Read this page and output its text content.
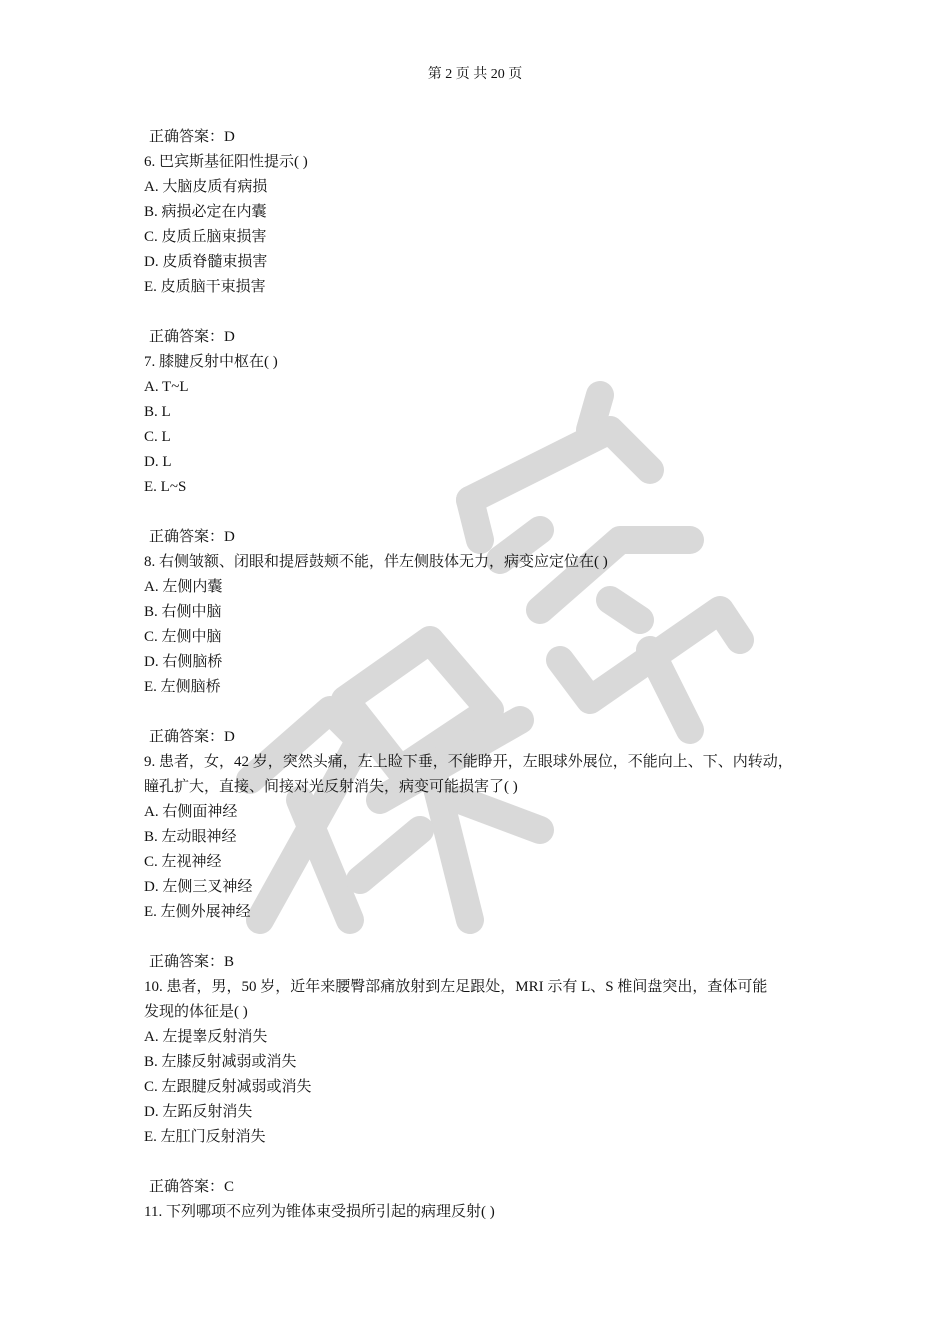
第 2 页 共 20 页
正确答案：D
6. 巴宾斯基征阳性提示( )
A. 大脑皮质有病损
B. 病损必定在内囊
C. 皮质丘脑束损害
D. 皮质脊髓束损害
E. 皮质脑干束损害
正确答案：D
7. 膝腱反射中枢在( )
A. T~L
B. L
C. L
D. L
E. L~S
正确答案：D
8. 右侧皱额、闭眼和提唇鼓颊不能，伴左侧肢体无力，病变应定位在( )
A. 左侧内囊
B. 右侧中脑
C. 左侧中脑
D. 右侧脑桥
E. 左侧脑桥
正确答案：D
9. 患者，女，42 岁，突然头痛，左上睑下垂，不能睁开，左眼球外展位，不能向上、下、内转动，
瞳孔扩大，直接、间接对光反射消失，病变可能损害了( )
A. 右侧面神经
B. 左动眼神经
C. 左视神经
D. 左侧三叉神经
E. 左侧外展神经
正确答案：B
10. 患者，男，50 岁，近年来腰臀部痛放射到左足跟处，MRI 示有 L、S 椎间盘突出，查体可能
发现的体征是( )
A. 左提睾反射消失
B. 左膝反射减弱或消失
C. 左跟腱反射减弱或消失
D. 左跖反射消失
E. 左肛门反射消失
正确答案：C
11. 下列哪项不应列为锥体束受损所引起的病理反射( )
